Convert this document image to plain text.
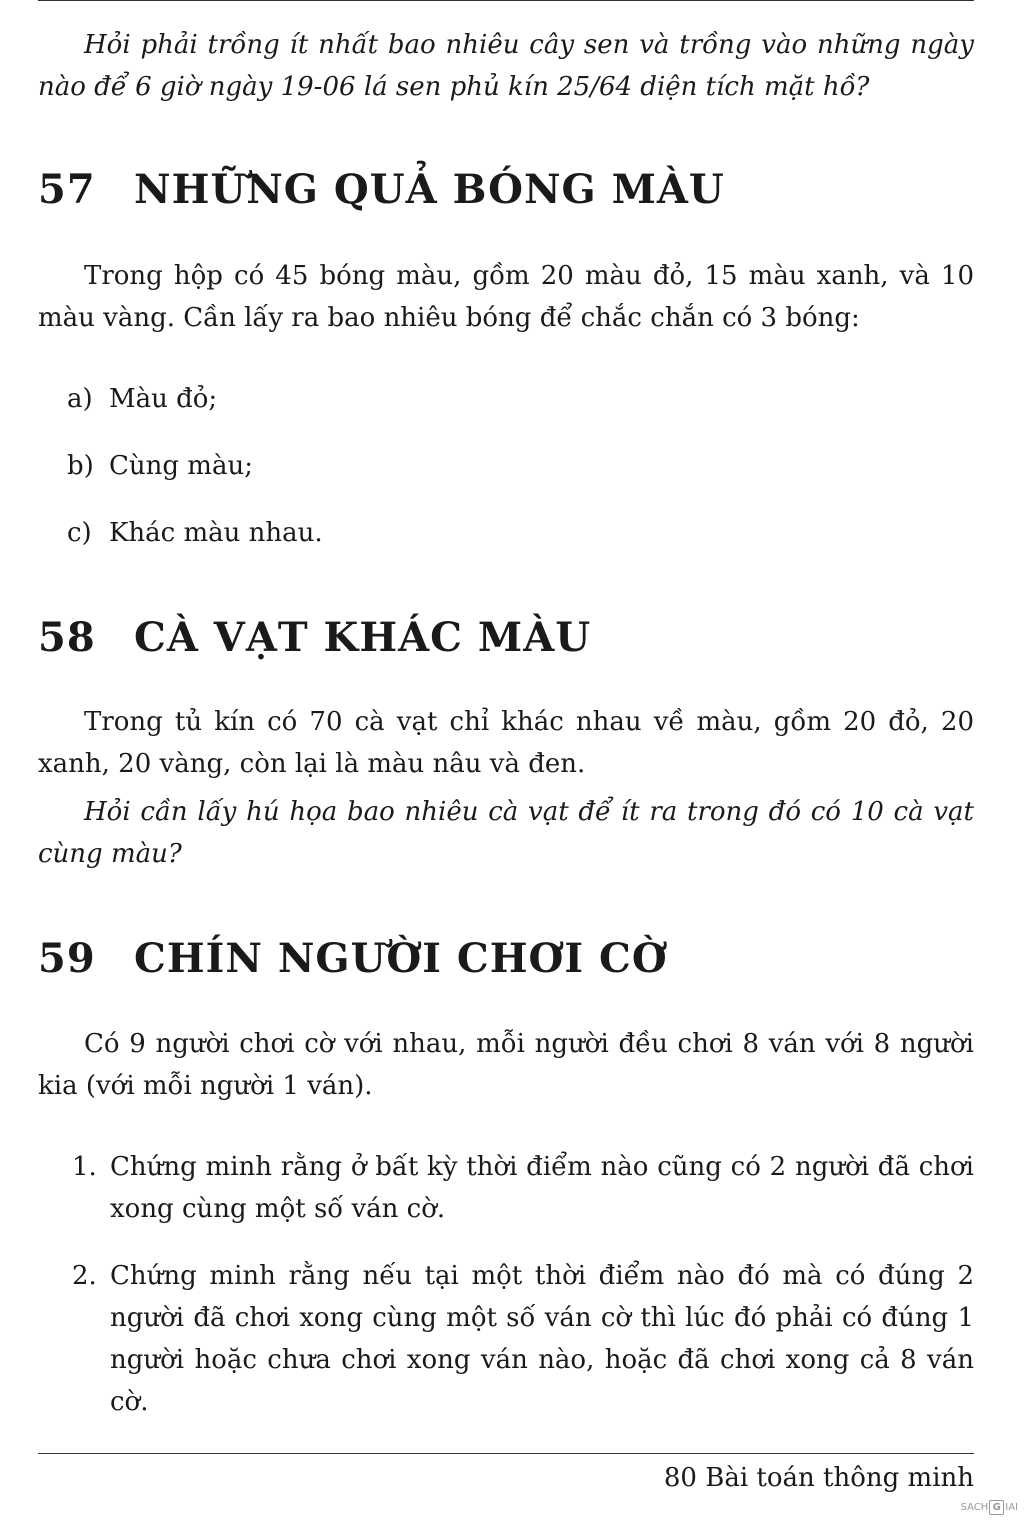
Hỏi phải trồng ít nhất bao nhiêu cây sen và trồng vào những ngày nào để 6 giờ ngày 19-06 lá sen phủ kín 25/64 diện tích mặt hồ?

57 NHỮNG QUẢ BÓNG MÀU

Trong hộp có 45 bóng màu, gồm 20 màu đỏ, 15 màu xanh, và 10 màu vàng. Cần lấy ra bao nhiêu bóng để chắc chắn có 3 bóng:

a) Màu đỏ;
b) Cùng màu;
c) Khác màu nhau.
58 CÀ VẠT KHÁC MÀU

Trong tủ kín có 70 cà vạt chỉ khác nhau về màu, gồm 20 đỏ, 20 xanh, 20 vàng, còn lại là màu nâu và đen.

Hỏi cần lấy hú họa bao nhiêu cà vạt để ít ra trong đó có 10 cà vạt cùng màu?

59 CHÍN NGƯỜI CHƠI CỜ

Có 9 người chơi cờ với nhau, mỗi người đều chơi 8 ván với 8 người kia (với mỗi người 1 ván).

1. Chứng minh rằng ở bất kỳ thời điểm nào cũng có 2 người đã chơi xong cùng một số ván cờ.
2. Chứng minh rằng nếu tại một thời điểm nào đó mà có đúng 2 người đã chơi xong cùng một số ván cờ thì lúc đó phải có đúng 1 người hoặc chưa chơi xong ván nào, hoặc đã chơi xong cả 8 ván cờ.

80 Bài toán thông minh

SACH G IAI
